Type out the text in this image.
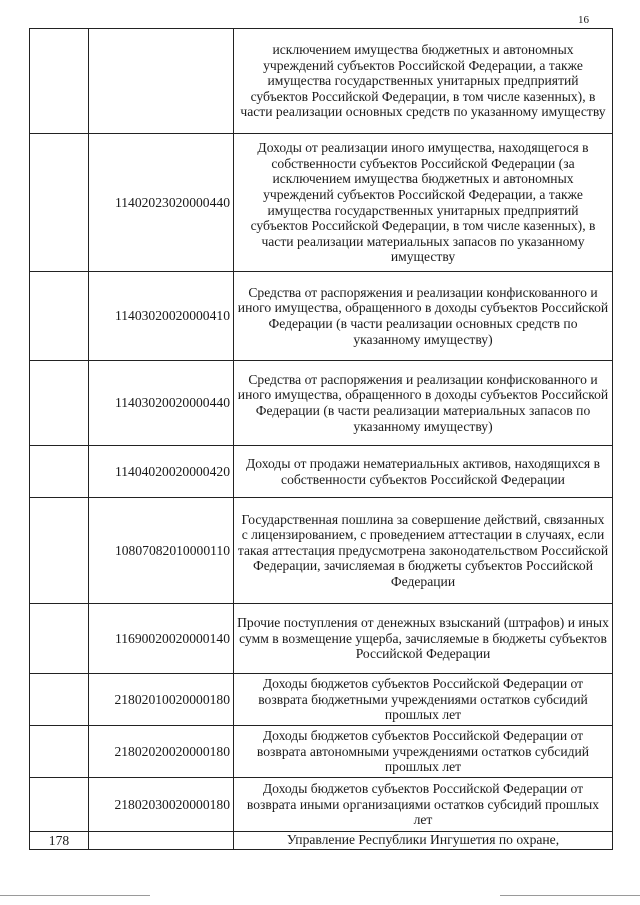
16
		исключением имущества бюджетных и автономных учреждений субъектов Российской Федерации, а также имущества государственных унитарных предприятий субъектов Российской Федерации, в том числе казенных), в части реализации основных средств по указанному имуществу
	11402023020000440	Доходы от реализации иного имущества, находящегося в собственности субъектов Российской Федерации (за исключением имущества бюджетных и автономных учреждений субъектов Российской Федерации, а также имущества государственных унитарных предприятий субъектов Российской Федерации, в том числе казенных), в части реализации материальных запасов по указанному имуществу
	11403020020000410	Средства от распоряжения и реализации конфискованного и иного имущества, обращенного в доходы субъектов Российской Федерации (в части реализации основных средств по указанному имуществу)
	11403020020000440	Средства от распоряжения и реализации конфискованного и иного имущества, обращенного в доходы субъектов Российской Федерации (в части реализации материальных запасов по указанному имуществу)
	11404020020000420	Доходы от продажи нематериальных активов, находящихся в собственности субъектов Российской Федерации
	10807082010000110	Государственная пошлина за совершение действий, связанных с лицензированием, с проведением аттестации в случаях, если такая аттестация предусмотрена законодательством Российской Федерации, зачисляемая в бюджеты субъектов Российской Федерации
	11690020020000140	Прочие поступления от денежных взысканий (штрафов) и иных сумм в возмещение ущерба, зачисляемые в бюджеты субъектов Российской Федерации
	21802010020000180	Доходы бюджетов субъектов Российской Федерации от возврата бюджетными учреждениями остатков субсидий прошлых лет
	21802020020000180	Доходы бюджетов субъектов Российской Федерации от возврата автономными учреждениями остатков субсидий прошлых лет
	21802030020000180	Доходы бюджетов субъектов Российской Федерации от возврата иными организациями остатков субсидий прошлых лет
178		Управление Республики Ингушетия по охране,
